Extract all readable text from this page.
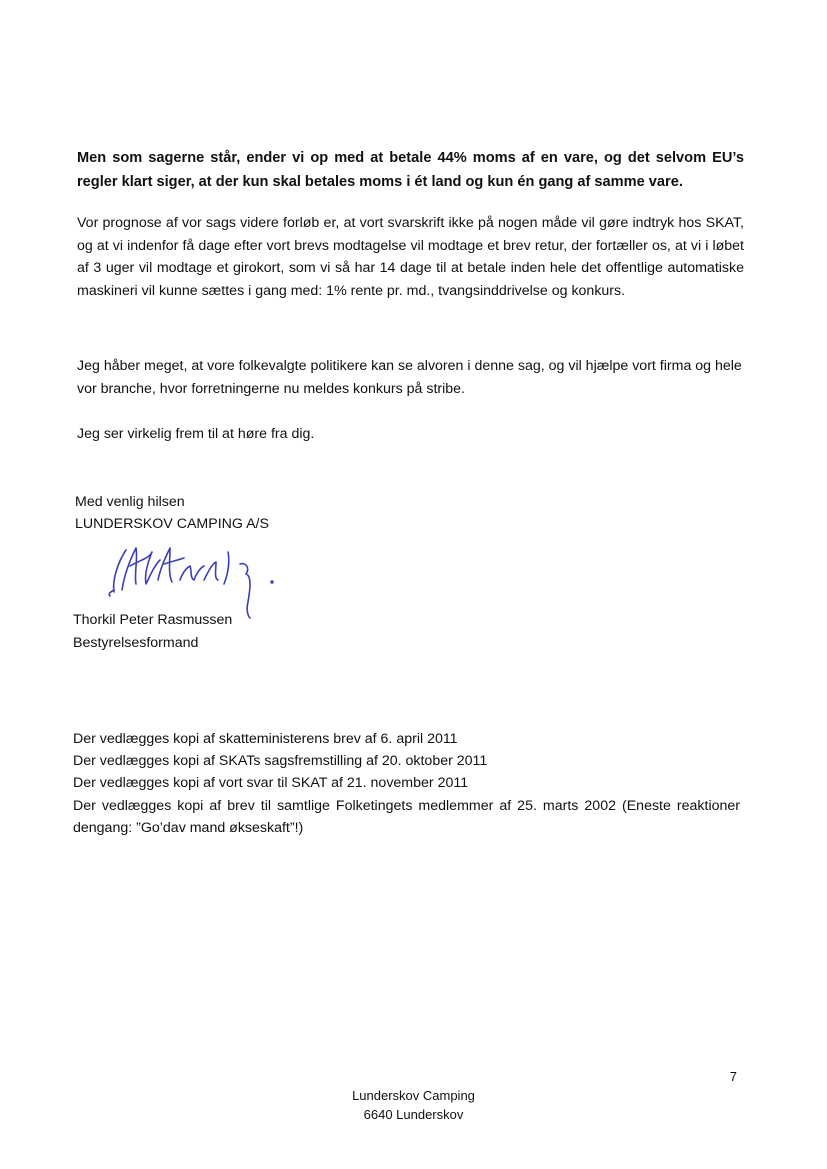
Men som sagerne står, ender vi op med at betale 44% moms af en vare, og det selvom EU’s regler klart siger, at der kun skal betales moms i ét land og kun én gang af samme vare.

Vor prognose af vor sags videre forløb er, at vort svarskrift ikke på nogen måde vil gøre indtryk hos SKAT, og at vi indenfor få dage efter vort brevs modtagelse vil modtage et brev retur, der fortæller os, at vi i løbet af 3 uger vil modtage et girokort, som vi så har 14 dage til at betale inden hele det offentlige automatiske maskineri vil kunne sættes i gang med: 1% rente pr. md., tvangsinddrivelse og konkurs.

Jeg håber meget, at vore folkevalgte politikere kan se alvoren i denne sag, og vil hjælpe vort firma og hele vor branche, hvor forretningerne nu meldes konkurs på stribe.

Jeg ser virkelig frem til at høre fra dig.

Med venlig hilsen
LUNDERSKOV CAMPING A/S
Thorkil Peter Rasmussen
Bestyrelsesformand
Der vedlægges kopi af skatteministerens brev af 6. april 2011
Der vedlægges kopi af SKATs sagsfremstilling af 20. oktober 2011
Der vedlægges kopi af vort svar til SKAT af 21. november 2011
Der vedlægges kopi af brev til samtlige Folketingets medlemmer af 25. marts 2002 (Eneste reaktioner dengang: ”Go’dav mand økseskaft”!)
7
Lunderskov Camping
6640 Lunderskov
